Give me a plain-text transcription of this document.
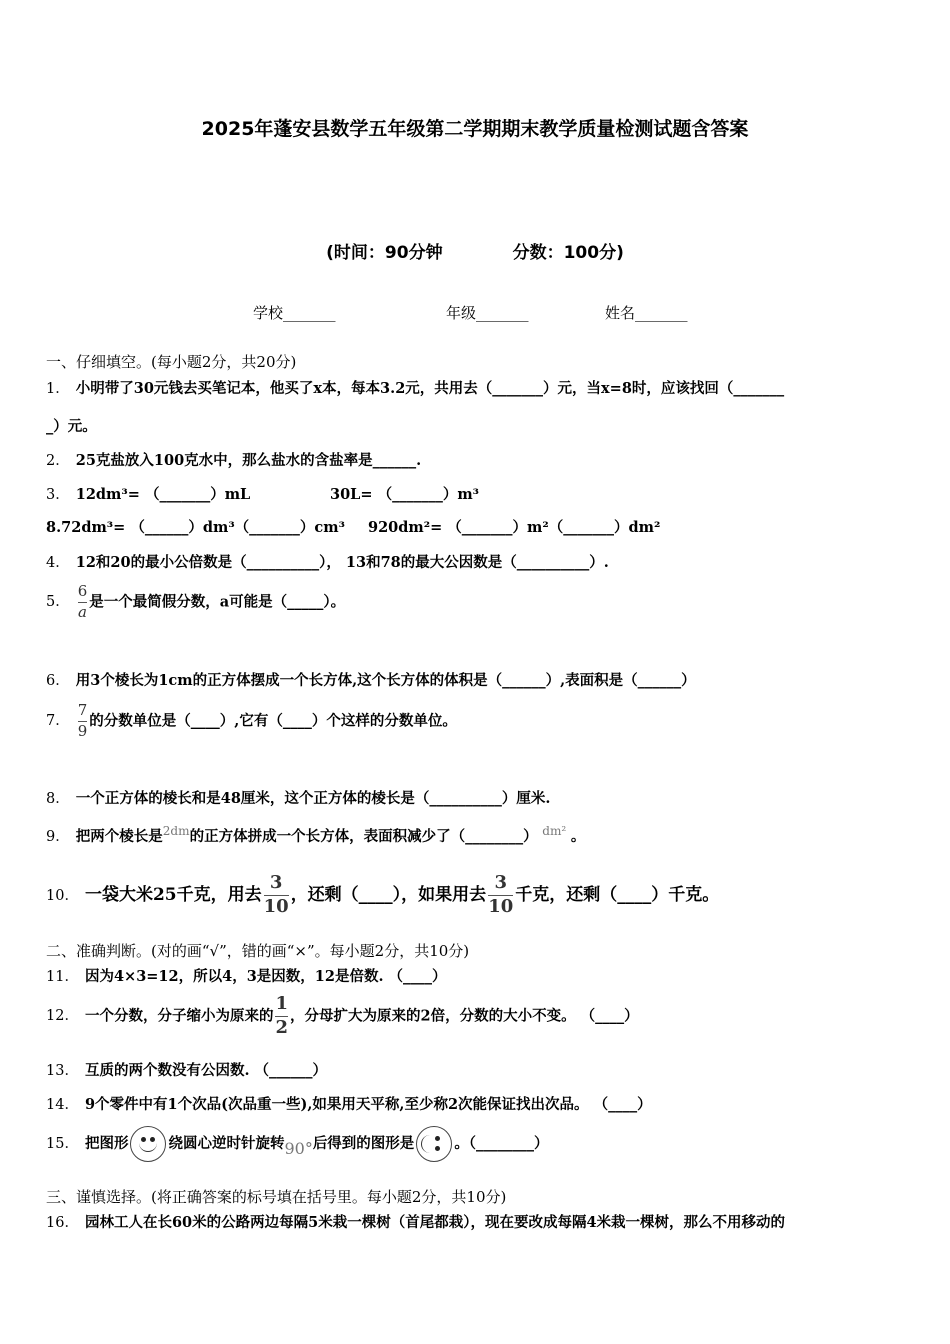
2025年蓬安县数学五年级第二学期期末教学质量检测试题含答案
(时间：90分钟	分数：100分)
学校_______	年级_______	姓名_______
一、仔细填空。(每小题2分，共20分)
1． 小明带了30元钱去买笔记本，他买了x本，每本3.2元，共用去（_______）元，当x=8时，应该找回（_______
_）元。
2． 25克盐放入100克水中，那么盐水的含盐率是______.
3． 12dm³= （_______）mL	30L= （_______）m³
8.72dm³= （______）dm³（_______）cm³ 920dm²= （_______）m²（_______）dm²
4． 12和20的最小公倍数是（__________）， 13和78的最大公因数是（__________）.
5． $\frac{6}{a}$ 是一个最简假分数，a可能是（_____）。
6． 用3个棱长为1cm的正方体摆成一个长方体,这个长方体的体积是（______）,表面积是（______）
7． $\frac{7}{9}$ 的分数单位是（____）,它有（____）个这样的分数单位。
8． 一个正方体的棱长和是48厘米，这个正方体的棱长是（__________）厘米.
9． 把两个棱长是$^{2dm}$的正方体拼成一个长方体，表面积减少了（________） $^{dm^2}$ 。
10． 一袋大米25千克，用去 $\frac{3}{10}$ ，还剩（____），如果用去 $\frac{3}{10}$ 千克，还剩（____）千克。
二、准确判断。(对的画“√”，错的画“×”。每小题2分，共10分)
11． 因为4×3=12，所以4，3是因数，12是倍数. （____）
12． 一个分数，分子缩小为原来的 $\frac{1}{2}$ ，分母扩大为原来的2倍，分数的大小不变。 （____）
13． 互质的两个数没有公因数. （______）
14． 9个零件中有1个次品(次品重一些),如果用天平称,至少称2次能保证找出次品。 （____）
15． 把图形	绕圆心逆时针旋转90°后得到的图形是	。（________）
三、谨慎选择。(将正确答案的标号填在括号里。每小题2分，共10分)
16． 园林工人在长60米的公路两边每隔5米栽一棵树（首尾都栽），现在要改成每隔4米栽一棵树，那么不用移动的
